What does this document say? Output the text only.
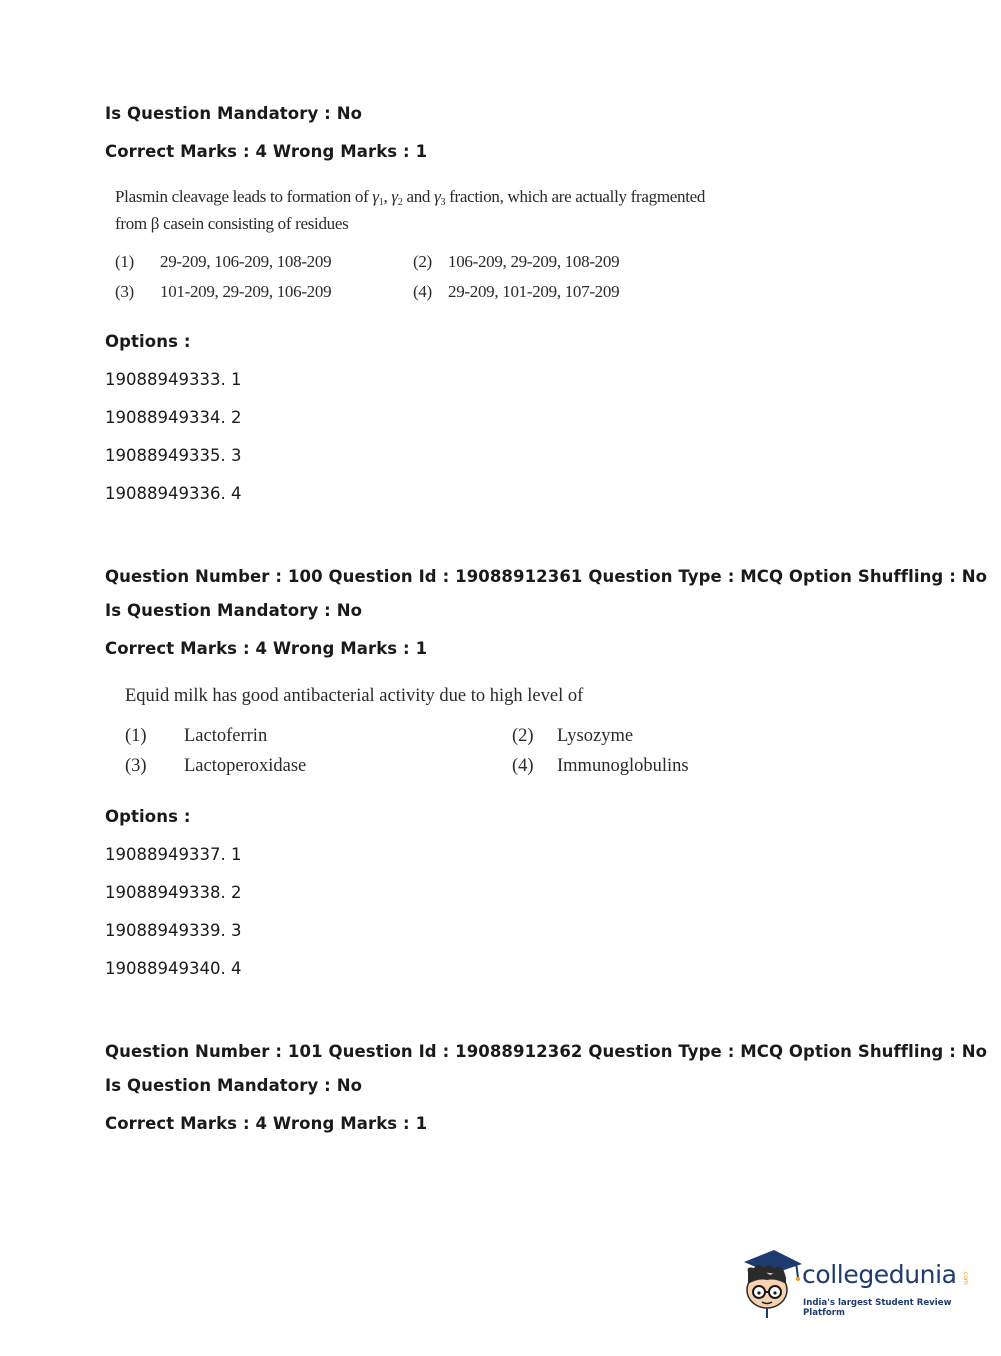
Is Question Mandatory : No
Correct Marks : 4 Wrong Marks : 1
Plasmin cleavage leads to formation of $\gamma_1$, $\gamma_2$ and $\gamma_3$ fraction, which are actually fragmented
from β casein consisting of residues
(1) 29-209, 106-209, 108-209	(2) 106-209, 29-209, 108-209
(3) 101-209, 29-209, 106-209	(4) 29-209, 101-209, 107-209
Options :
19088949333. 1
19088949334. 2
19088949335. 3
19088949336. 4
Question Number : 100 Question Id : 19088912361 Question Type : MCQ Option Shuffling : No
Is Question Mandatory : No
Correct Marks : 4 Wrong Marks : 1
Equid milk has good antibacterial activity due to high level of
(1) Lactoferrin	(2) Lysozyme
(3) Lactoperoxidase	(4) Immunoglobulins
Options :
19088949337. 1
19088949338. 2
19088949339. 3
19088949340. 4
Question Number : 101 Question Id : 19088912362 Question Type : MCQ Option Shuffling : No
Is Question Mandatory : No
Correct Marks : 4 Wrong Marks : 1
collegedunia .com
India's largest Student Review Platform
